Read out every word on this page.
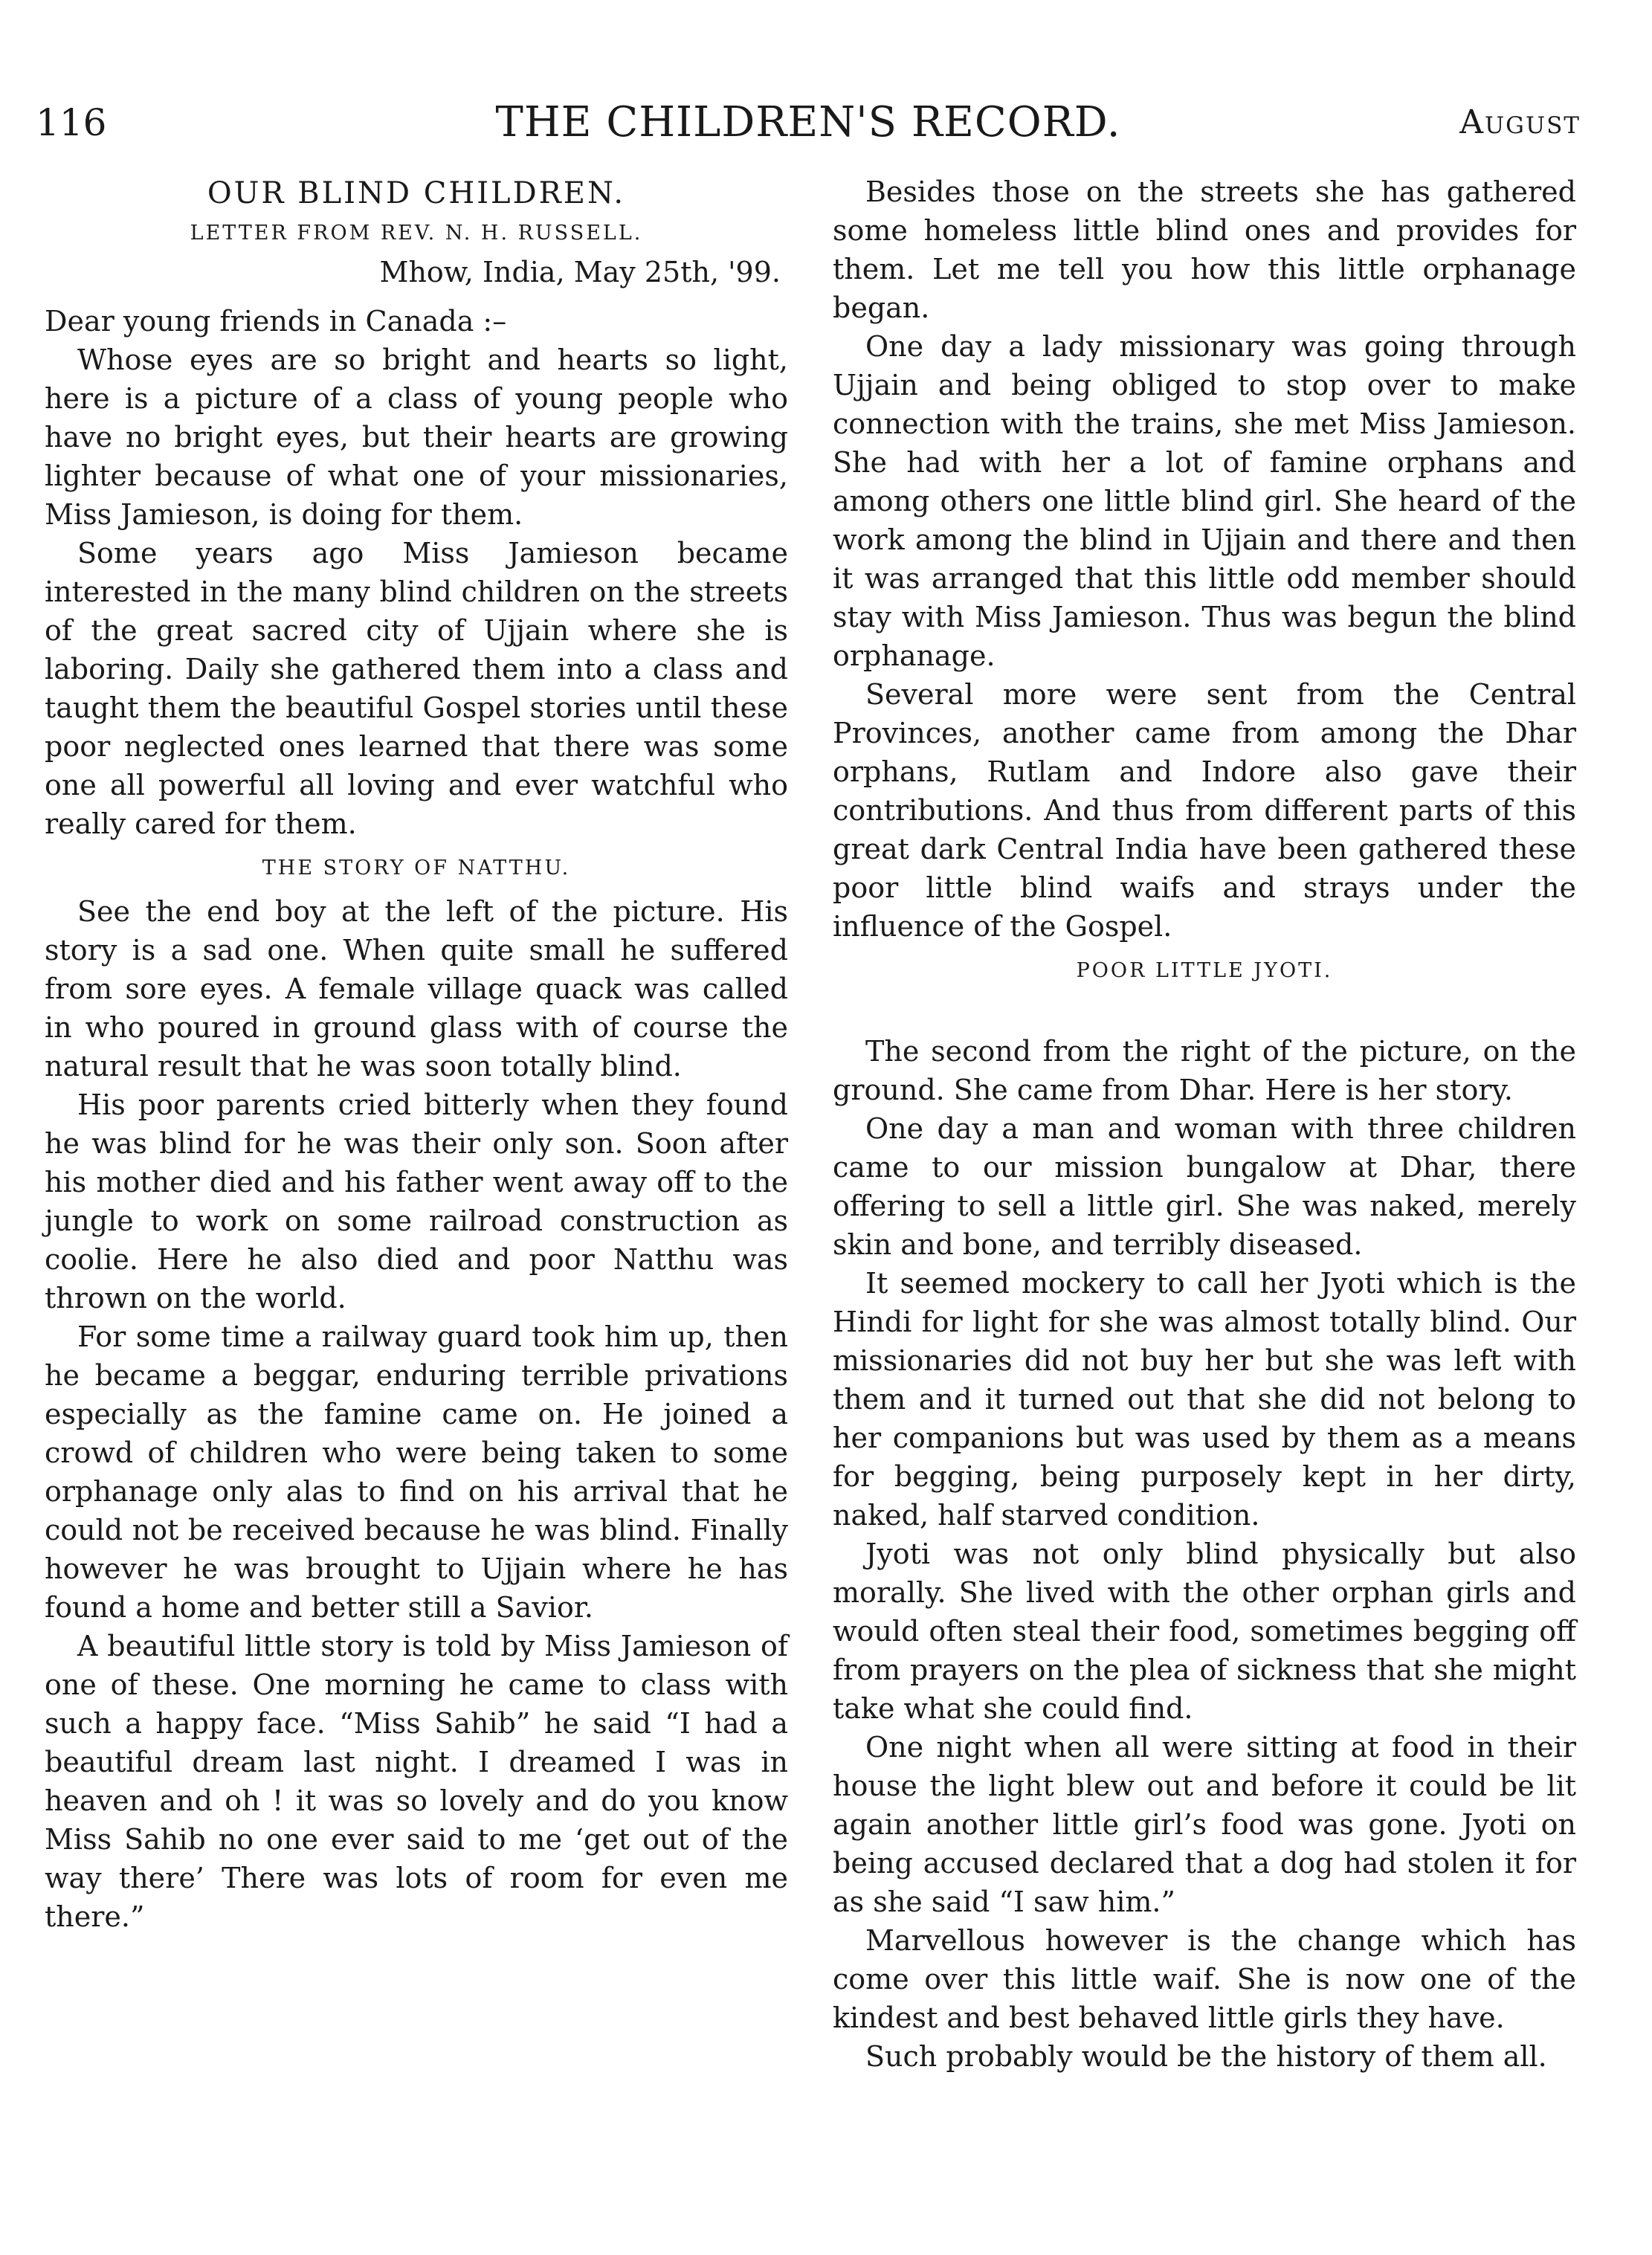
116	THE CHILDREN'S RECORD.	August
OUR BLIND CHILDREN.
LETTER FROM REV. N. H. RUSSELL.
Mhow, India, May 25th, '99.

Dear young friends in Canada :–

Whose eyes are so bright and hearts so light, here is a picture of a class of young people who have no bright eyes, but their hearts are growing lighter because of what one of your missionaries, Miss Jamieson, is doing for them.

Some years ago Miss Jamieson became interested in the many blind children on the streets of the great sacred city of Ujjain where she is laboring. Daily she gathered them into a class and taught them the beautiful Gospel stories until these poor neglected ones learned that there was some one all powerful all loving and ever watchful who really cared for them.

THE STORY OF NATTHU.

See the end boy at the left of the picture. His story is a sad one. When quite small he suffered from sore eyes. A female village quack was called in who poured in ground glass with of course the natural result that he was soon totally blind.

His poor parents cried bitterly when they found he was blind for he was their only son. Soon after his mother died and his father went away off to the jungle to work on some railroad construction as coolie. Here he also died and poor Natthu was thrown on the world.

For some time a railway guard took him up, then he became a beggar, enduring terrible privations especially as the famine came on. He joined a crowd of children who were being taken to some orphanage only alas to find on his arrival that he could not be received because he was blind. Finally however he was brought to Ujjain where he has found a home and better still a Savior.

A beautiful little story is told by Miss Jamieson of one of these. One morning he came to class with such a happy face. “Miss Sahib” he said “I had a beautiful dream last night. I dreamed I was in heaven and oh ! it was so lovely and do you know Miss Sahib no one ever said to me ‘get out of the way there’ There was lots of room for even me there.”

Besides those on the streets she has gathered some homeless little blind ones and provides for them. Let me tell you how this little orphanage began.

One day a lady missionary was going through Ujjain and being obliged to stop over to make connection with the trains, she met Miss Jamieson. She had with her a lot of famine orphans and among others one little blind girl. She heard of the work among the blind in Ujjain and there and then it was arranged that this little odd member should stay with Miss Jamieson. Thus was begun the blind orphanage.

Several more were sent from the Central Provinces, another came from among the Dhar orphans, Rutlam and Indore also gave their contributions. And thus from different parts of this great dark Central India have been gathered these poor little blind waifs and strays under the influence of the Gospel.

POOR LITTLE JYOTI.

The second from the right of the picture, on the ground. She came from Dhar. Here is her story.

One day a man and woman with three children came to our mission bungalow at Dhar, there offering to sell a little girl. She was naked, merely skin and bone, and terribly diseased.

It seemed mockery to call her Jyoti which is the Hindi for light for she was almost totally blind. Our missionaries did not buy her but she was left with them and it turned out that she did not belong to her companions but was used by them as a means for begging, being purposely kept in her dirty, naked, half starved condition.

Jyoti was not only blind physically but also morally. She lived with the other orphan girls and would often steal their food, sometimes begging off from prayers on the plea of sickness that she might take what she could find.

One night when all were sitting at food in their house the light blew out and before it could be lit again another little girl’s food was gone. Jyoti on being accused declared that a dog had stolen it for as she said “I saw him.”

Marvellous however is the change which has come over this little waif. She is now one of the kindest and best behaved little girls they have.

Such probably would be the history of them all.
